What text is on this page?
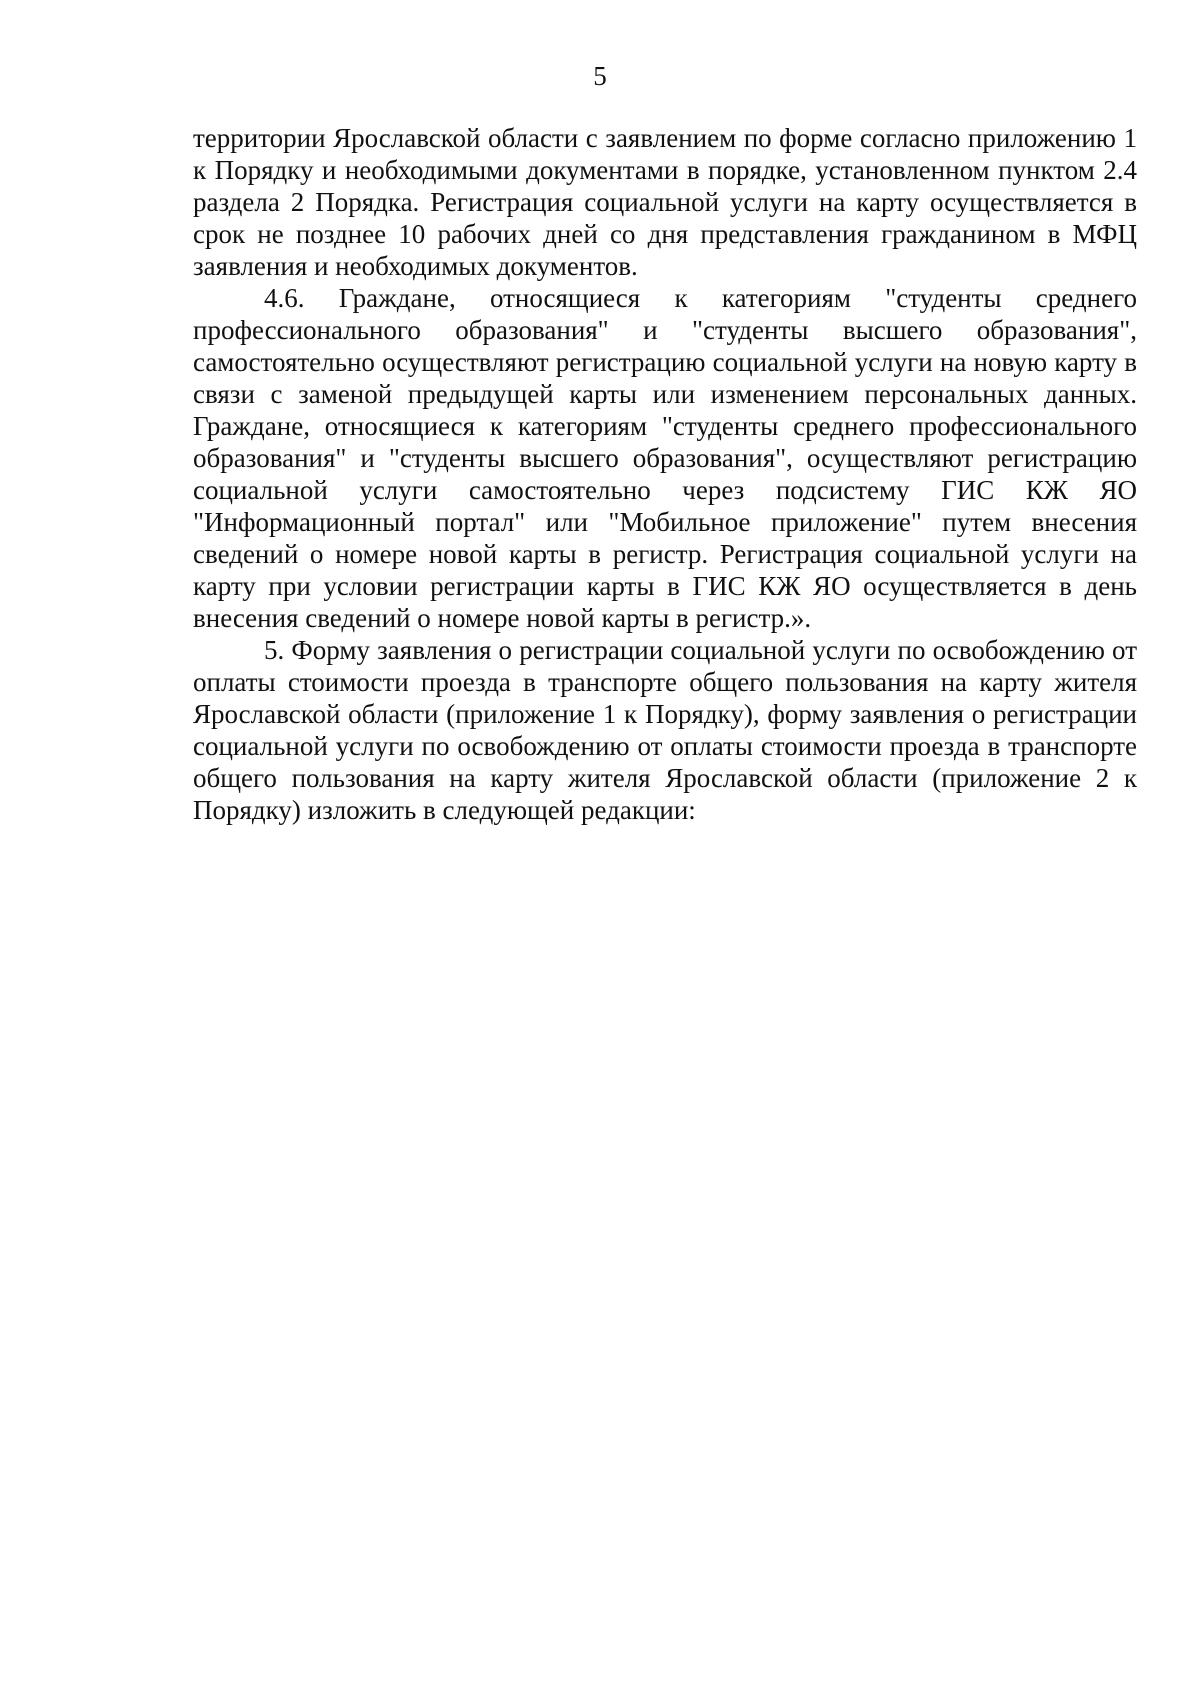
5

территории Ярославской области с заявлением по форме согласно приложению 1 к Порядку и необходимыми документами в порядке, установленном пунктом 2.4 раздела 2 Порядка. Регистрация социальной услуги на карту осуществляется в срок не позднее 10 рабочих дней со дня представления гражданином в МФЦ заявления и необходимых документов.

4.6. Граждане, относящиеся к категориям "студенты среднего профессионального образования" и "студенты высшего образования", самостоятельно осуществляют регистрацию социальной услуги на новую карту в связи с заменой предыдущей карты или изменением персональных данных. Граждане, относящиеся к категориям "студенты среднего профессионального образования" и "студенты высшего образования", осуществляют регистрацию социальной услуги самостоятельно через подсистему ГИС КЖ ЯО "Информационный портал" или "Мобильное приложение" путем внесения сведений о номере новой карты в регистр. Регистрация социальной услуги на карту при условии регистрации карты в ГИС КЖ ЯО осуществляется в день внесения сведений о номере новой карты в регистр.».

5. Форму заявления о регистрации социальной услуги по освобождению от оплаты стоимости проезда в транспорте общего пользования на карту жителя Ярославской области (приложение 1 к Порядку), форму заявления о регистрации социальной услуги по освобождению от оплаты стоимости проезда в транспорте общего пользования на карту жителя Ярославской области (приложение 2 к Порядку) изложить в следующей редакции:
